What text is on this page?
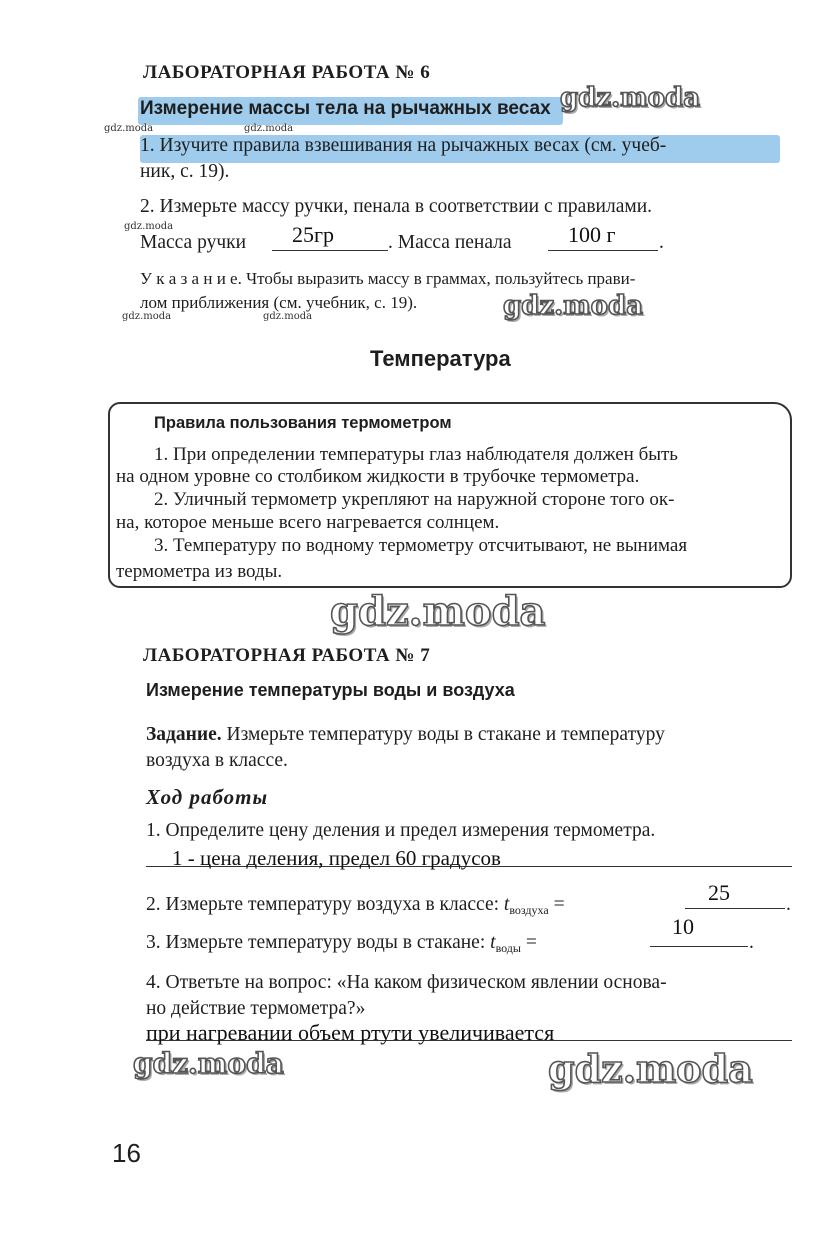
ЛАБОРАТОРНАЯ РАБОТА № 6
Измерение массы тела на рычажных весах
1. Изучите правила взвешивания на рычажных весах (см. учеб-
ник, с. 19).
2. Измерьте массу ручки, пенала в соответствии с правилами.
Масса ручки 25гр	. Масса пенала	100 г .
У к а з а н и е. Чтобы выразить массу в граммах, пользуйтесь прави-
лом приближения (см. учебник, с. 19).
Температура
Правила пользования термометром
1. При определении температуры глаз наблюдателя должен быть
на одном уровне со столбиком жидкости в трубочке термометра.
2. Уличный термометр укрепляют на наружной стороне того ок-
на, которое меньше всего нагревается солнцем.
3. Температуру по водному термометру отсчитывают, не вынимая
термометра из воды.
ЛАБОРАТОРНАЯ РАБОТА № 7
Измерение температуры воды и воздуха
Задание. Измерьте температуру воды в стакане и температуру
воздуха в классе.
Ход работы
1. Определите цену деления и предел измерения термометра.
1 - цена деления, предел 60 градусов
2. Измерьте температуру воздуха в классе: $t_{воздуха}$ =	25	.
3. Измерьте температуру воды в стакане: $t_{воды}$ =
10
.
4. Ответьте на вопрос: «На каком физическом явлении основа-
но действие термометра?»
при нагревании объем ртути увеличивается
16
gdz.moda
gdz.moda	gdz.moda
gdz.moda
gdz.moda	gdz.moda	gdz.moda
gdz.moda
gdz.moda	gdz.moda
